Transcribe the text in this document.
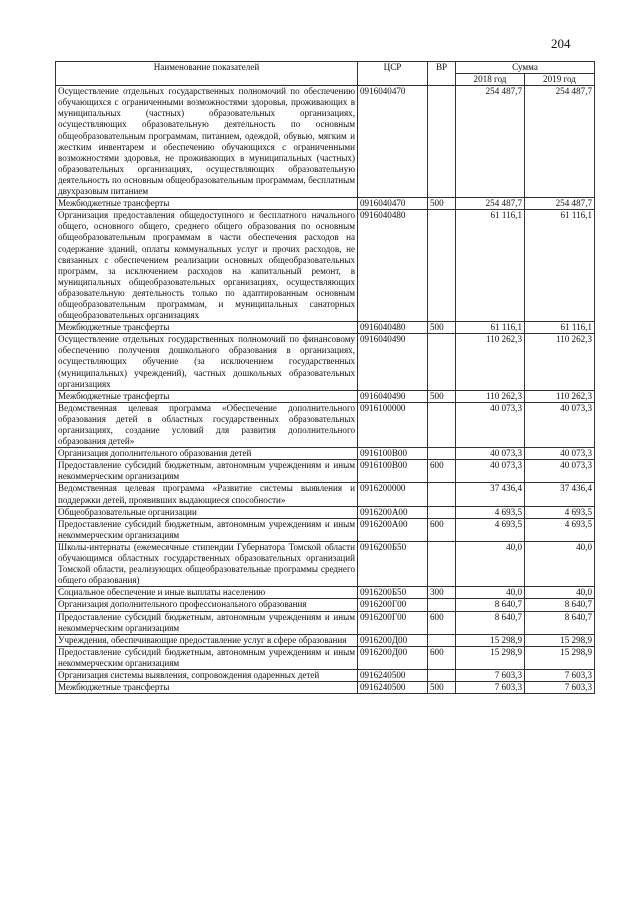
204
Наименование показателей	ЦСР	ВР	Сумма	
			2018 год	2019 год
Осуществление отдельных государственных полномочий по обеспечению обучающихся с ограниченными возможностями здоровья, проживающих в муниципальных (частных) образовательных организациях, осуществляющих образовательную деятельность по основным общеобразовательным программам, питанием, одеждой, обувью, мягким и жестким инвентарем и обеспечению обучающихся с ограниченными возможностями здоровья, не проживающих в муниципальных (частных) образовательных организациях, осуществляющих образовательную деятельность по основным общеобразовательным программам, бесплатным двухразовым питанием	0916040470		254 487,7	254 487,7
Межбюджетные трансферты	0916040470	500	254 487,7	254 487,7
Организация предоставления общедоступного и бесплатного начального общего, основного общего, среднего общего образования по основным общеобразовательным программам в части обеспечения расходов на содержание зданий, оплаты коммунальных услуг и прочих расходов, не связанных с обеспечением реализации основных общеобразовательных программ, за исключением расходов на капитальный ремонт, в муниципальных общеобразовательных организациях, осуществляющих образовательную деятельность только по адаптированным основным общеобразовательным программам, и муниципальных санаторных общеобразовательных организациях	0916040480		61 116,1	61 116,1
Межбюджетные трансферты	0916040480	500	61 116,1	61 116,1
Осуществление отдельных государственных полномочий по финансовому обеспечению получения дошкольного образования в организациях, осуществляющих обучение (за исключением государственных (муниципальных) учреждений), частных дошкольных образовательных организациях	0916040490		110 262,3	110 262,3
Межбюджетные трансферты	0916040490	500	110 262,3	110 262,3
Ведомственная целевая программа «Обеспечение дополнительного образования детей в областных государственных образовательных организациях, создание условий для развития дополнительного образования детей»	0916100000		40 073,3	40 073,3
Организация дополнительного образования детей	0916100В00		40 073,3	40 073,3
Предоставление субсидий бюджетным, автономным учреждениям и иным некоммерческим организациям	0916100В00	600	40 073,3	40 073,3
Ведомственная целевая программа «Развитие системы выявления и поддержки детей, проявивших выдающиеся способности»	0916200000		37 436,4	37 436,4
Общеобразовательные организации	0916200А00		4 693,5	4 693,5
Предоставление субсидий бюджетным, автономным учреждениям и иным некоммерческим организациям	0916200А00	600	4 693,5	4 693,5
Школы-интернаты (ежемесячные стипендии Губернатора Томской области обучающимся областных государственных образовательных организаций Томской области, реализующих общеобразовательные программы среднего общего образования)	0916200Б50		40,0	40,0
Социальное обеспечение и иные выплаты населению	0916200Б50	300	40,0	40,0
Организация дополнительного профессионального образования	0916200Г00		8 640,7	8 640,7
Предоставление субсидий бюджетным, автономным учреждениям и иным некоммерческим организациям	0916200Г00	600	8 640,7	8 640,7
Учреждения, обеспечивающие предоставление услуг в сфере образования	0916200Д00		15 298,9	15 298,9
Предоставление субсидий бюджетным, автономным учреждениям и иным некоммерческим организациям	0916200Д00	600	15 298,9	15 298,9
Организация системы выявления, сопровождения одаренных детей	0916240500		7 603,3	7 603,3
Межбюджетные трансферты	0916240500	500	7 603,3	7 603,3
